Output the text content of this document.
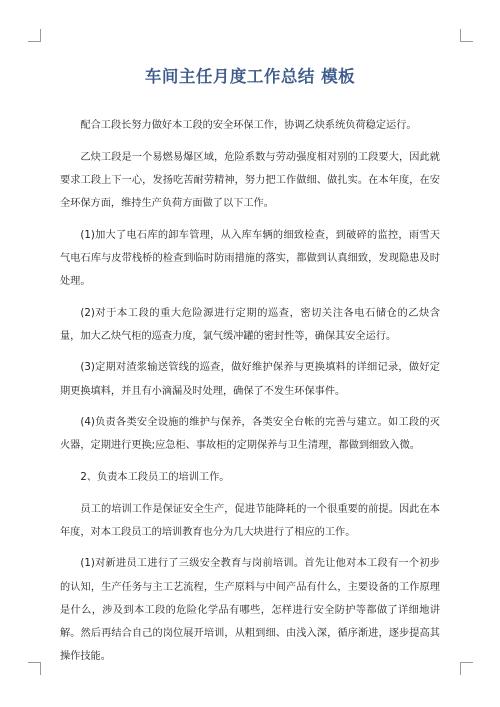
车间主任月度工作总结 模板

配合工段长努力做好本工段的安全环保工作，协调乙炔系统负荷稳定运行。

乙炔工段是一个易燃易爆区域，危险系数与劳动强度相对别的工段要大，因此就要求工段上下一心，发扬吃苦耐劳精神，努力把工作做细、做扎实。在本年度，在安全环保方面，维持生产负荷方面做了以下工作。

(1)加大了电石库的卸车管理，从入库车辆的细致检查，到破碎的监控，雨雪天气电石库与皮带栈桥的检查到临时防雨措施的落实，都做到认真细致，发现隐患及时处理。

(2)对于本工段的重大危险源进行定期的巡查，密切关注各电石储仓的乙炔含量，加大乙炔气柜的巡查力度，氯气缓冲罐的密封性等，确保其安全运行。

(3)定期对渣浆输送管线的巡查，做好维护保养与更换填料的详细记录，做好定期更换填料，并且有小滴漏及时处理，确保了不发生环保事件。

(4)负责各类安全设施的维护与保养，各类安全台帐的完善与建立。如工段的灭火器，定期进行更换;应急柜、事故柜的定期保养与卫生清理，都做到细致入微。

2、负责本工段员工的培训工作。

员工的培训工作是保证安全生产，促进节能降耗的一个很重要的前提。因此在本年度，对本工段员工的培训教育也分为几大块进行了相应的工作。

(1)对新进员工进行了三级安全教育与岗前培训。首先让他对本工段有一个初步的认知，生产任务与主工艺流程，生产原料与中间产品有什么，主要设备的工作原理是什么，涉及到本工段的危险化学品有哪些，怎样进行安全防护等都做了详细地讲解。然后再结合自己的岗位展开培训，从粗到细、由浅入深，循序渐进，逐步提高其操作技能。
